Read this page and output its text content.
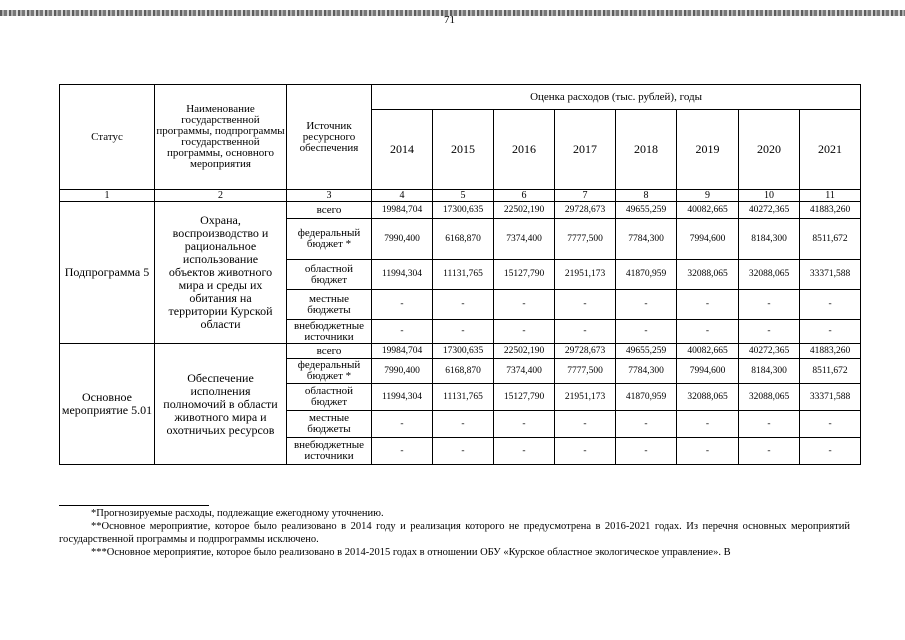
71
Статус	Наименование государственной программы, подпрограммы государственной программы, основного мероприятия	Источник ресурсного обеспечения	Оценка расходов (тыс. рублей), годы							
			2014	2015	2016	2017	2018	2019	2020	2021
1	2	3	4	5	6	7	8	9	10	11
Подпрограмма 5	Охрана, воспроизводство и рациональное использование объектов животного мира и среды их обитания на территории Курской области	всего	19984,704	17300,635	22502,190	29728,673	49655,259	40082,665	40272,365	41883,260
		федеральный бюджет *	7990,400	6168,870	7374,400	7777,500	7784,300	7994,600	8184,300	8511,672
		областной бюджет	11994,304	11131,765	15127,790	21951,173	41870,959	32088,065	32088,065	33371,588
		местные бюджеты	-	-	-	-	-	-	-	-
		внебюджетные источники	-	-	-	-	-	-	-	-
Основное мероприятие 5.01	Обеспечение исполнения полномочий в области животного мира и охотничьих ресурсов	всего	19984,704	17300,635	22502,190	29728,673	49655,259	40082,665	40272,365	41883,260
		федеральный бюджет *	7990,400	6168,870	7374,400	7777,500	7784,300	7994,600	8184,300	8511,672
		областной бюджет	11994,304	11131,765	15127,790	21951,173	41870,959	32088,065	32088,065	33371,588
		местные бюджеты	-	-	-	-	-	-	-	-
		внебюджетные источники	-	-	-	-	-	-	-	-

*Прогнозируемые расходы, подлежащие ежегодному уточнению.

**Основное мероприятие, которое было реализовано в 2014 году и реализация которого не предусмотрена в 2016-2021 годах. Из перечня основных мероприятий государственной программы и подпрограммы исключено.

***Основное мероприятие, которое было реализовано в 2014-2015 годах в отношении ОБУ «Курское областное экологическое управление». В
